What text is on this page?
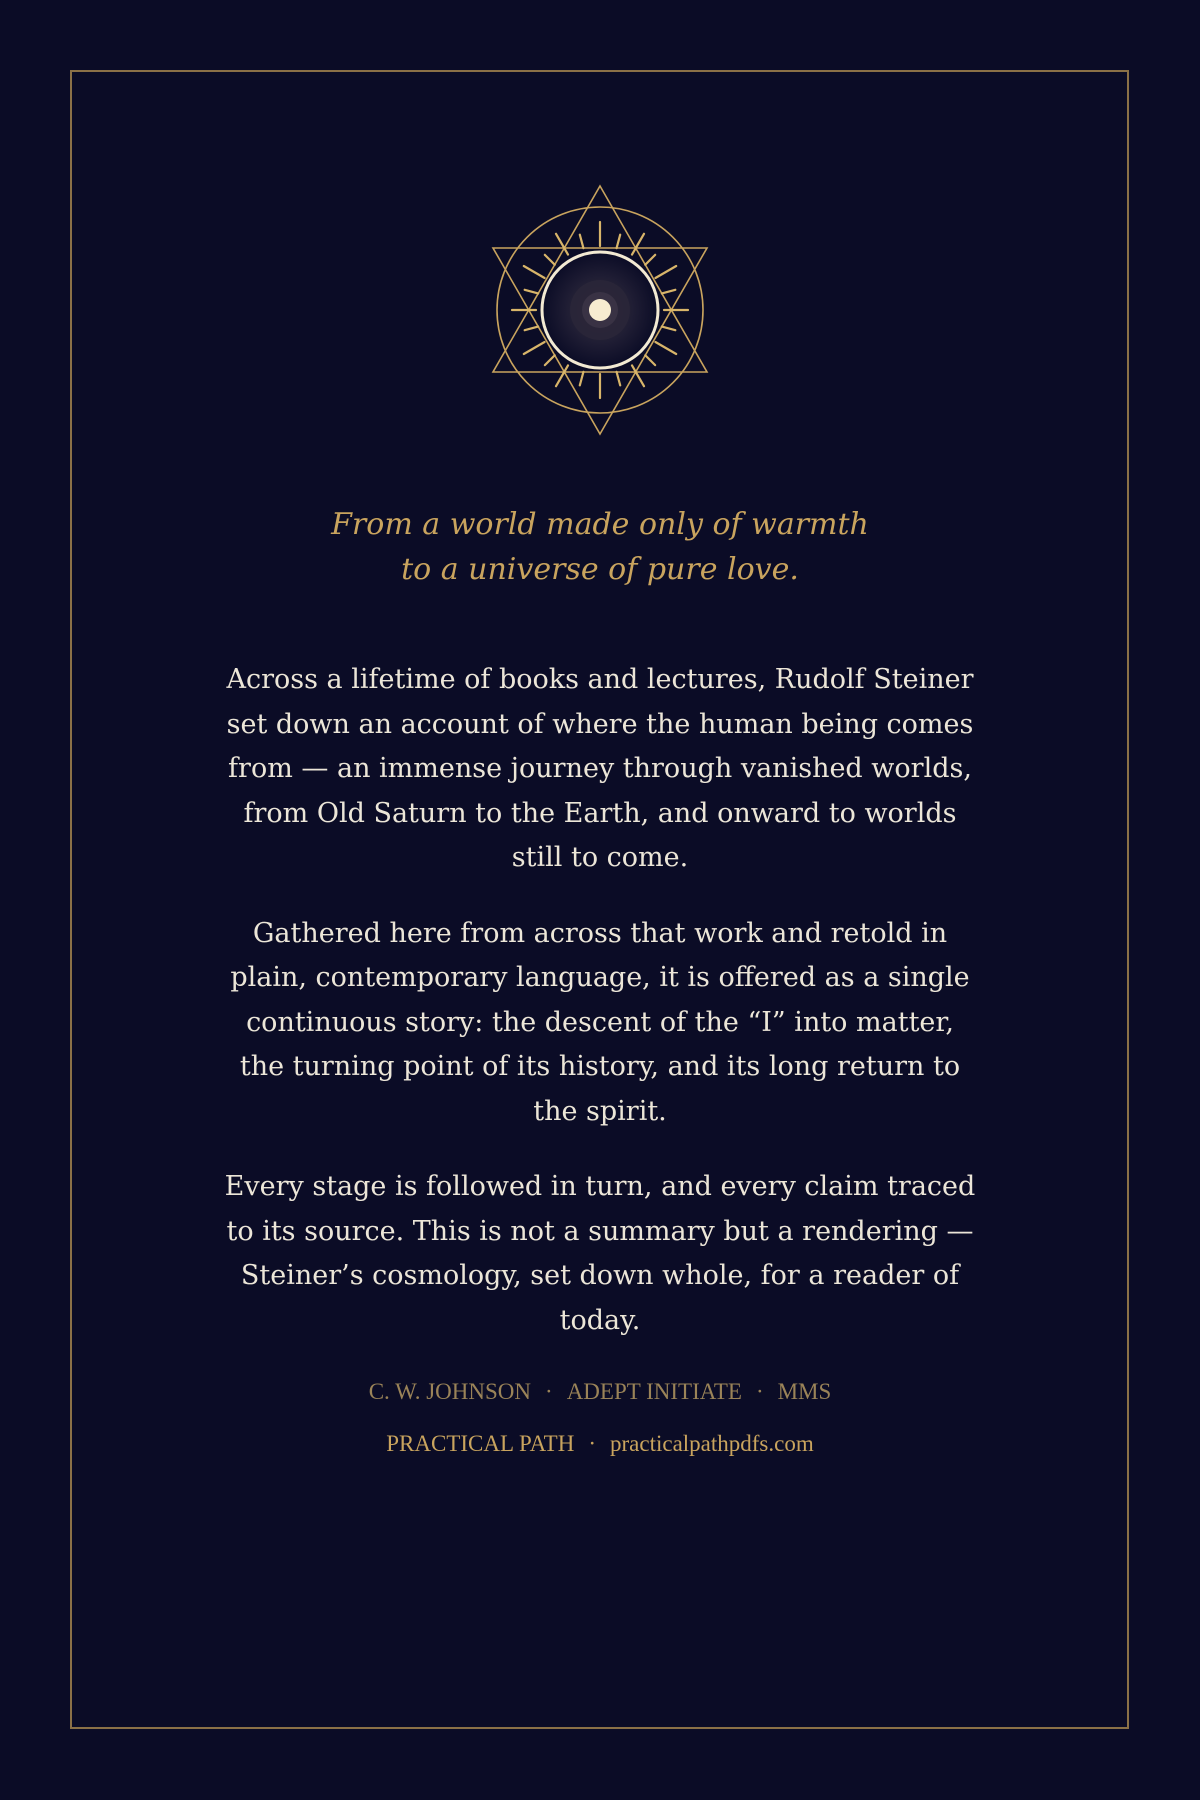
From a world made only of warmth
to a universe of pure love.

Across a lifetime of books and lectures, Rudolf Steiner set down an account of where the human being comes from — an immense journey through vanished worlds, from Old Saturn to the Earth, and onward to worlds still to come.

Gathered here from across that work and retold in plain, contemporary language, it is offered as a single continuous story: the descent of the “I” into matter, the turning point of its history, and its long return to the spirit.

Every stage is followed in turn, and every claim traced to its source. This is not a summary but a rendering — Steiner’s cosmology, set down whole, for a reader of today.

C. W. JOHNSON · ADEPT INITIATE · MMS
PRACTICAL PATH · practicalpathpdfs.com
